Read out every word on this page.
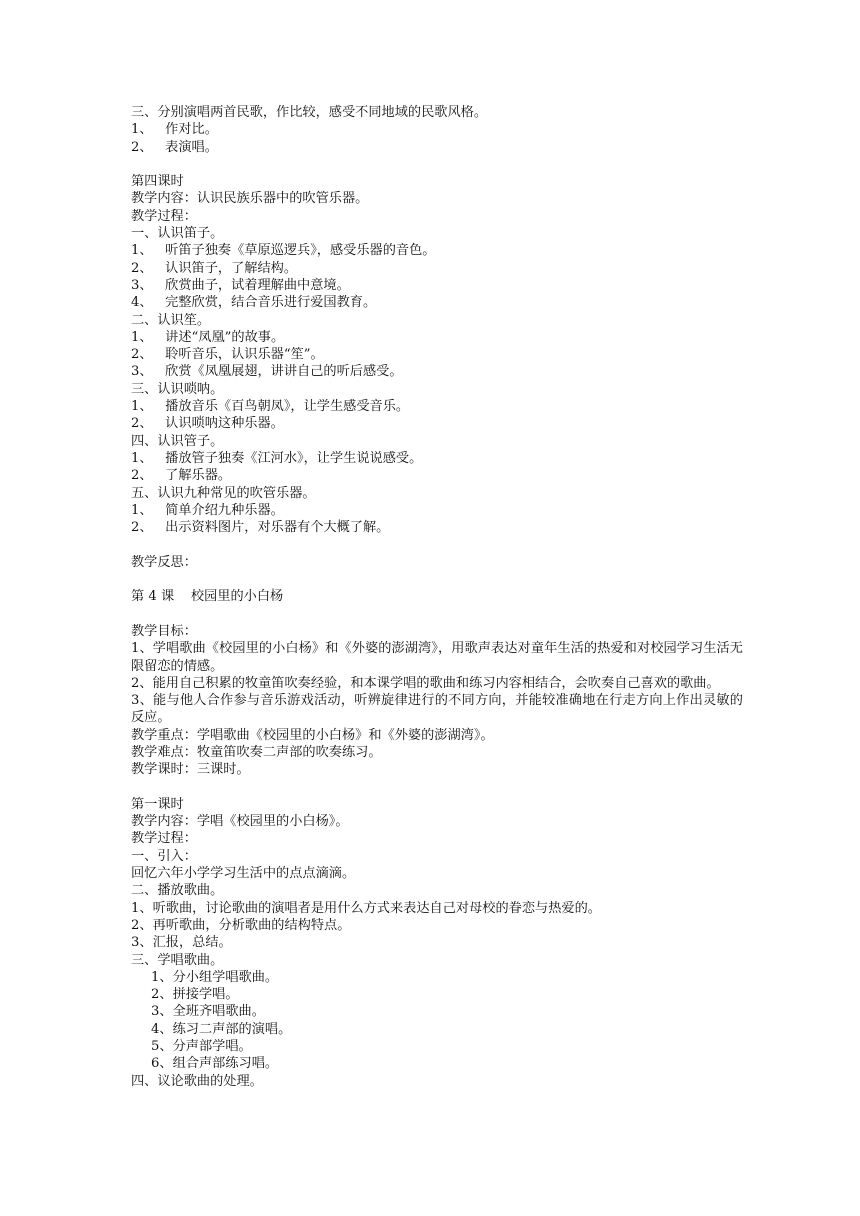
三、分别演唱两首民歌，作比较，感受不同地域的民歌风格。
1、   作对比。
2、   表演唱。
第四课时
教学内容：认识民族乐器中的吹管乐器。
教学过程：
一、认识笛子。
1、   听笛子独奏《草原巡逻兵》，感受乐器的音色。
2、   认识笛子，了解结构。
3、   欣赏曲子，试着理解曲中意境。
4、   完整欣赏，结合音乐进行爱国教育。
二、认识笙。
1、   讲述“凤凰”的故事。
2、   聆听音乐，认识乐器“笙”。
3、   欣赏《凤凰展翅，讲讲自己的听后感受。
三、认识唢呐。
1、   播放音乐《百鸟朝凤》，让学生感受音乐。
2、   认识唢呐这种乐器。
四、认识管子。
1、   播放管子独奏《江河水》，让学生说说感受。
2、   了解乐器。
五、认识九种常见的吹管乐器。
1、   简单介绍九种乐器。
2、   出示资料图片，对乐器有个大概了解。
教学反思：
第 4 课    校园里的小白杨
教学目标：
1、学唱歌曲《校园里的小白杨》和《外婆的澎湖湾》，用歌声表达对童年生活的热爱和对校园学习生活无限留恋的情感。
2、能用自己积累的牧童笛吹奏经验，和本课学唱的歌曲和练习内容相结合，会吹奏自己喜欢的歌曲。
3、能与他人合作参与音乐游戏活动，听辨旋律进行的不同方向，并能较准确地在行走方向上作出灵敏的反应。
教学重点：学唱歌曲《校园里的小白杨》和《外婆的澎湖湾》。
教学难点：牧童笛吹奏二声部的吹奏练习。
教学课时：三课时。
第一课时
教学内容：学唱《校园里的小白杨》。
教学过程：
一、引入：
回忆六年小学学习生活中的点点滴滴。
二、播放歌曲。
1、听歌曲，讨论歌曲的演唱者是用什么方式来表达自己对母校的眷恋与热爱的。
2、再听歌曲，分析歌曲的结构特点。
3、汇报，总结。
三、学唱歌曲。
1、分小组学唱歌曲。
2、拼接学唱。
3、全班齐唱歌曲。
4、练习二声部的演唱。
5、分声部学唱。
6、组合声部练习唱。
四、议论歌曲的处理。
